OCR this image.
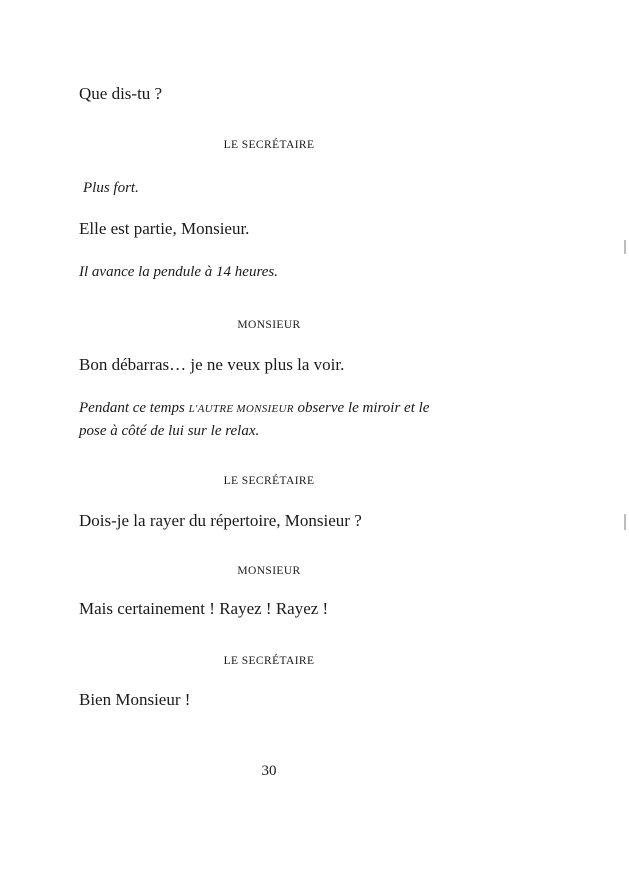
Que dis-tu ?

LE SECRÉTAIRE

Plus fort.

Elle est partie, Monsieur.

Il avance la pendule à 14 heures.

MONSIEUR

Bon débarras… je ne veux plus la voir.

Pendant ce temps L'AUTRE MONSIEUR observe le miroir et le

pose à côté de lui sur le relax.

LE SECRÉTAIRE

Dois-je la rayer du répertoire, Monsieur ?

MONSIEUR

Mais certainement ! Rayez ! Rayez !

LE SECRÉTAIRE

Bien Monsieur !

30
